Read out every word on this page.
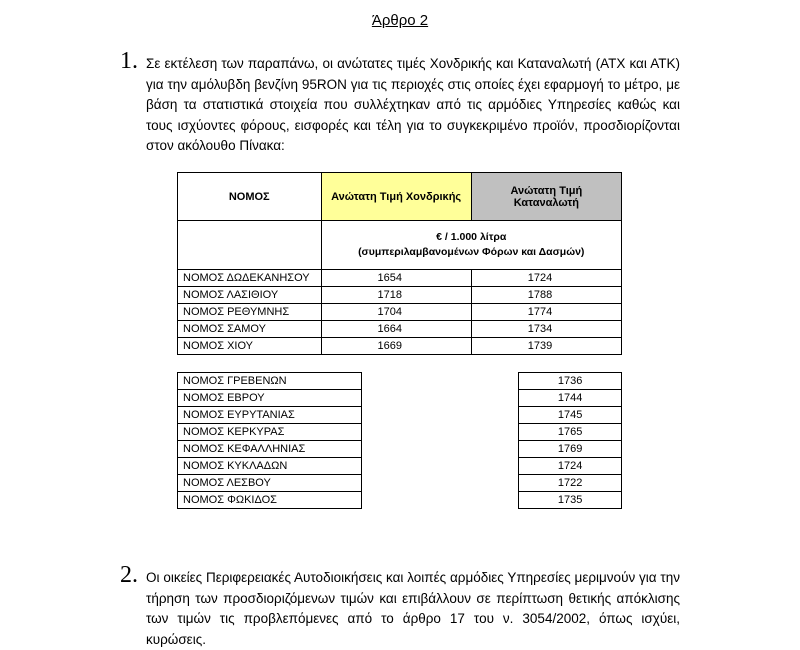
Άρθρο 2
1. Σε εκτέλεση των παραπάνω, οι ανώτατες τιμές Χονδρικής και Καταναλωτή (ΑΤΧ και ΑΤΚ) για την αμόλυβδη βενζίνη 95RON για τις περιοχές στις οποίες έχει εφαρμογή το μέτρο, με βάση τα στατιστικά στοιχεία που συλλέχτηκαν από τις αρμόδιες Υπηρεσίες καθώς και τους ισχύοντες φόρους, εισφορές και τέλη για το συγκεκριμένο προϊόν, προσδιορίζονται στον ακόλουθο Πίνακα:
ΝΟΜΟΣ	Ανώτατη Τιμή Χονδρικής	Ανώτατη Τιμή Καταναλωτή
	€ / 1.000 λίτρα
(συμπεριλαμβανομένων Φόρων και Δασμών)	
ΝΟΜΟΣ ΔΩΔΕΚΑΝΗΣΟΥ	1654	1724
ΝΟΜΟΣ ΛΑΣΙΘΙΟΥ	1718	1788
ΝΟΜΟΣ ΡΕΘΥΜΝΗΣ	1704	1774
ΝΟΜΟΣ ΣΑΜΟΥ	1664	1734
ΝΟΜΟΣ ΧΙΟΥ	1669	1739
ΝΟΜΟΣ ΓΡΕΒΕΝΩΝ		1736
ΝΟΜΟΣ ΕΒΡΟΥ		1744
ΝΟΜΟΣ ΕΥΡΥΤΑΝΙΑΣ		1745
ΝΟΜΟΣ ΚΕΡΚΥΡΑΣ		1765
ΝΟΜΟΣ ΚΕΦΑΛΛΗΝΙΑΣ		1769
ΝΟΜΟΣ ΚΥΚΛΑΔΩΝ		1724
ΝΟΜΟΣ ΛΕΣΒΟΥ		1722
ΝΟΜΟΣ ΦΩΚΙΔΟΣ		1735
2. Οι οικείες Περιφερειακές Αυτοδιοικήσεις και λοιπές αρμόδιες Υπηρεσίες μεριμνούν για την τήρηση των προσδιοριζόμενων τιμών και επιβάλλουν σε περίπτωση θετικής απόκλισης των τιμών τις προβλεπόμενες από το άρθρο 17 του ν. 3054/2002, όπως ισχύει, κυρώσεις.
